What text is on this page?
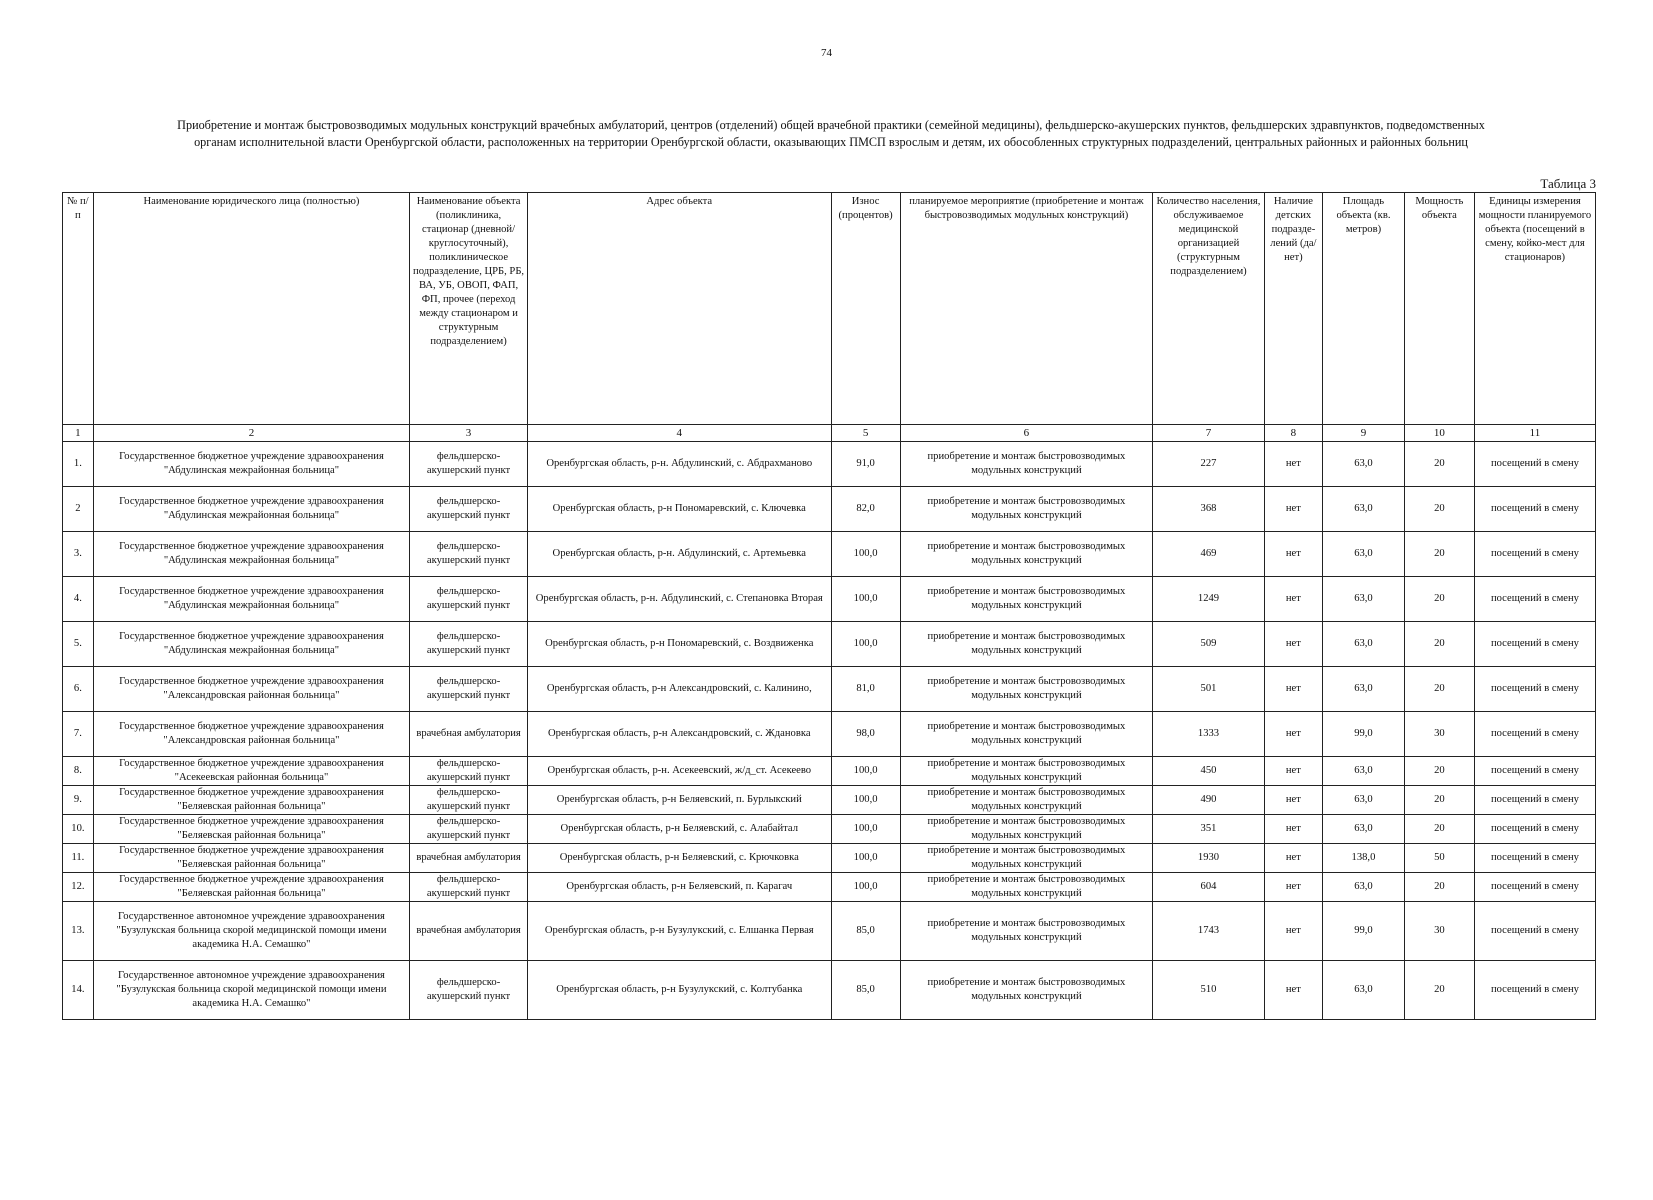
74
Приобретение и монтаж быстровозводимых модульных конструкций врачебных амбулаторий, центров (отделений) общей врачебной практики (семейной медицины), фельдшерско-акушерских пунктов, фельдшерских здравпунктов, подведомственных
органам исполнительной власти Оренбургской области, расположенных на территории Оренбургской области, оказывающих ПМСП взрослым и детям, их обособленных структурных подразделений, центральных районных и районных больниц
Таблица 3
№ п/п	Наименование юридического лица (полностью)	Наименование объекта (поликлиника, стационар (дневной/круглосуточный), поликлиническое подразделение, ЦРБ, РБ, ВА, УБ, ОВОП, ФАП, ФП, прочее (переход между стационаром и структурным подразделением)	Адрес объекта	Износ (процентов)	планируемое мероприятие (приобретение и монтаж быстровозводимых модульных конструкций)	Количество населения, обслуживаемое медицинской организацией (структурным подразделением)	Наличие детских подразде-лений (да/нет)	Площадь объекта (кв. метров)	Мощность объекта	Единицы измерения мощности планируемого объекта (посещений в смену, койко-мест для стационаров)
1	2	3	4	5	6	7	8	9	10	11
1.	Государственное бюджетное учреждение здравоохранения "Абдулинская межрайонная больница"	фельдшерско-акушерский пункт	Оренбургская область, р-н. Абдулинский, с. Абдрахманово	91,0	приобретение и монтаж быстровозводимых модульных конструкций	227	нет	63,0	20	посещений в смену
2	Государственное бюджетное учреждение здравоохранения "Абдулинская межрайонная больница"	фельдшерско-акушерский пункт	Оренбургская область, р-н Пономаревский, с. Ключевка	82,0	приобретение и монтаж быстровозводимых модульных конструкций	368	нет	63,0	20	посещений в смену
3.	Государственное бюджетное учреждение здравоохранения "Абдулинская межрайонная больница"	фельдшерско-акушерский пункт	Оренбургская область, р-н. Абдулинский, с. Артемьевка	100,0	приобретение и монтаж быстровозводимых модульных конструкций	469	нет	63,0	20	посещений в смену
4.	Государственное бюджетное учреждение здравоохранения "Абдулинская межрайонная больница"	фельдшерско-акушерский пункт	Оренбургская область, р-н. Абдулинский, с. Степановка Вторая	100,0	приобретение и монтаж быстровозводимых модульных конструкций	1249	нет	63,0	20	посещений в смену
5.	Государственное бюджетное учреждение здравоохранения "Абдулинская межрайонная больница"	фельдшерско-акушерский пункт	Оренбургская область, р-н Пономаревский, с. Воздвиженка	100,0	приобретение и монтаж быстровозводимых модульных конструкций	509	нет	63,0	20	посещений в смену
6.	Государственное бюджетное учреждение здравоохранения "Александровская районная больница"	фельдшерско-акушерский пункт	Оренбургская область, р-н Александровский, с. Калинино,	81,0	приобретение и монтаж быстровозводимых модульных конструкций	501	нет	63,0	20	посещений в смену
7.	Государственное бюджетное учреждение здравоохранения "Александровская районная больница"	врачебная амбулатория	Оренбургская область, р-н Александровский, с. Ждановка	98,0	приобретение и монтаж быстровозводимых модульных конструкций	1333	нет	99,0	30	посещений в смену
8.	Государственное бюджетное учреждение здравоохранения "Асекеевская районная больница"	фельдшерско-акушерский пункт	Оренбургская область, р-н. Асекеевский, ж/д_ст. Асекеево	100,0	приобретение и монтаж быстровозводимых модульных конструкций	450	нет	63,0	20	посещений в смену
9.	Государственное бюджетное учреждение здравоохранения "Беляевская районная больница"	фельдшерско-акушерский пункт	Оренбургская область, р-н Беляевский, п. Бурлыкский	100,0	приобретение и монтаж быстровозводимых модульных конструкций	490	нет	63,0	20	посещений в смену
10.	Государственное бюджетное учреждение здравоохранения "Беляевская районная больница"	фельдшерско-акушерский пункт	Оренбургская область, р-н Беляевский, с. Алабайтал	100,0	приобретение и монтаж быстровозводимых модульных конструкций	351	нет	63,0	20	посещений в смену
11.	Государственное бюджетное учреждение здравоохранения "Беляевская районная больница"	врачебная амбулатория	Оренбургская область, р-н Беляевский, с. Крючковка	100,0	приобретение и монтаж быстровозводимых модульных конструкций	1930	нет	138,0	50	посещений в смену
12.	Государственное бюджетное учреждение здравоохранения "Беляевская районная больница"	фельдшерско-акушерский пункт	Оренбургская область, р-н Беляевский, п. Карагач	100,0	приобретение и монтаж быстровозводимых модульных конструкций	604	нет	63,0	20	посещений в смену
13.	Государственное автономное учреждение здравоохранения "Бузулукская больница скорой медицинской помощи имени академика Н.А. Семашко"	врачебная амбулатория	Оренбургская область, р-н Бузулукский, с. Елшанка Первая	85,0	приобретение и монтаж быстровозводимых модульных конструкций	1743	нет	99,0	30	посещений в смену
14.	Государственное автономное учреждение здравоохранения "Бузулукская больница скорой медицинской помощи имени академика Н.А. Семашко"	фельдшерско-акушерский пункт	Оренбургская область, р-н Бузулукский, с. Колтубанка	85,0	приобретение и монтаж быстровозводимых модульных конструкций	510	нет	63,0	20	посещений в смену
